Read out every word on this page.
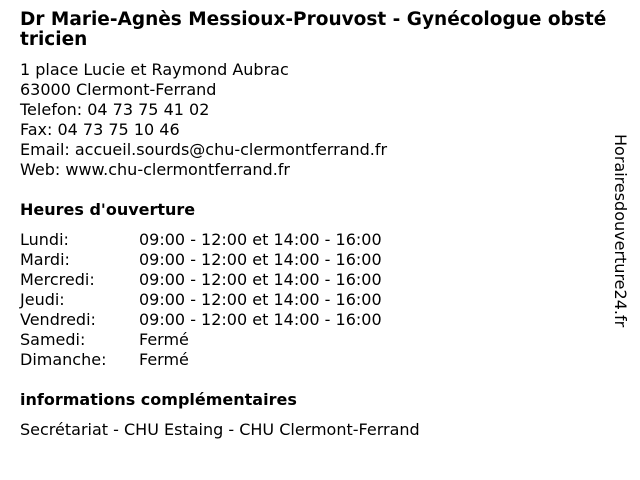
Dr Marie-Agnès Messioux-Prouvost - Gynécologue obstétricien
1 place Lucie et Raymond Aubrac
63000 Clermont-Ferrand
Telefon: 04 73 75 41 02
Fax: 04 73 75 10 46
Email: accueil.sourds@chu-clermontferrand.fr
Web: www.chu-clermontferrand.fr
Heures d'ouverture
Lundi:	09:00 - 12:00 et 14:00 - 16:00
Mardi:	09:00 - 12:00 et 14:00 - 16:00
Mercredi:	09:00 - 12:00 et 14:00 - 16:00
Jeudi:	09:00 - 12:00 et 14:00 - 16:00
Vendredi:	09:00 - 12:00 et 14:00 - 16:00
Samedi:	Fermé
Dimanche:	Fermé
informations complémentaires
Secrétariat - CHU Estaing - CHU Clermont-Ferrand
Horairesdouverture24.fr
